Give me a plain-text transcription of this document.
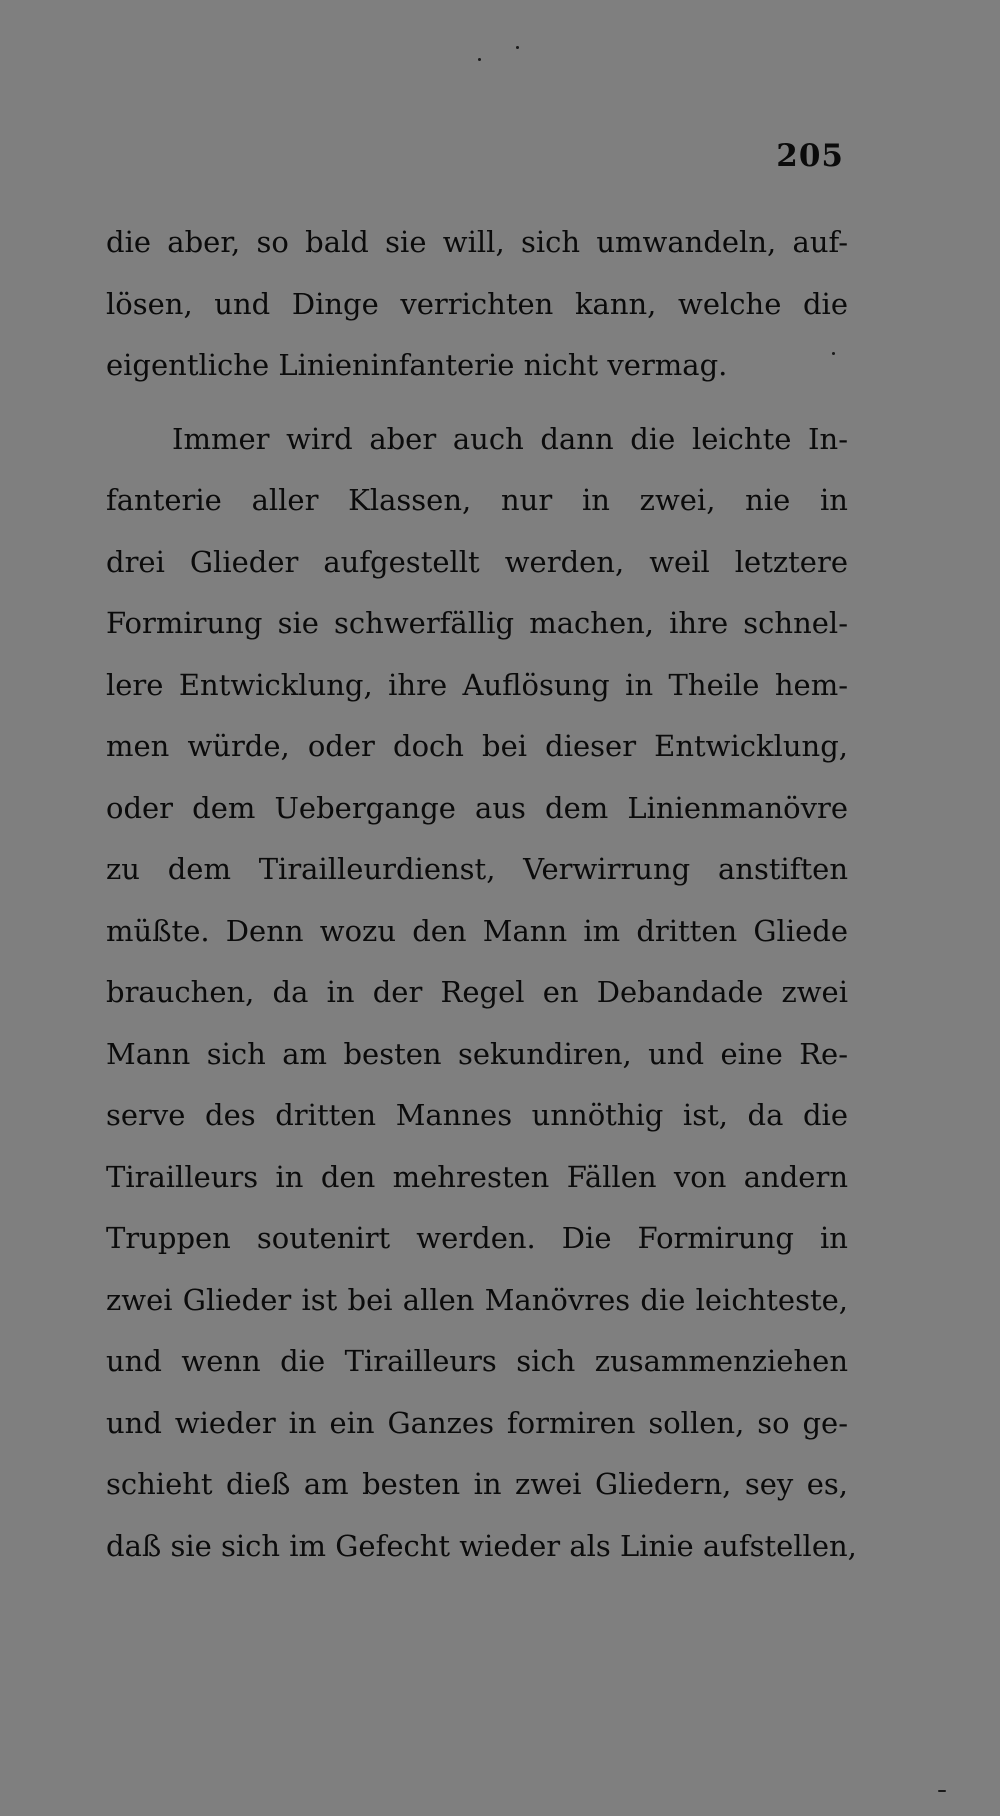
205
die aber, so bald sie will, sich umwandeln, auf-
lösen, und Dinge verrichten kann, welche die
eigentliche Linieninfanterie nicht vermag.
Immer wird aber auch dann die leichte In-
fanterie aller Klassen, nur in zwei, nie in
drei Glieder aufgestellt werden, weil letztere
Formirung sie schwerfällig machen, ihre schnel-
lere Entwicklung, ihre Auflösung in Theile hem-
men würde, oder doch bei dieser Entwicklung,
oder dem Uebergange aus dem Linienmanövre
zu dem Tirailleurdienst, Verwirrung anstiften
müßte. Denn wozu den Mann im dritten Gliede
brauchen, da in der Regel en Debandade zwei
Mann sich am besten sekundiren, und eine Re-
serve des dritten Mannes unnöthig ist, da die
Tirailleurs in den mehresten Fällen von andern
Truppen soutenirt werden. Die Formirung in
zwei Glieder ist bei allen Manövres die leichteste,
und wenn die Tirailleurs sich zusammenziehen
und wieder in ein Ganzes formiren sollen, so ge-
schieht dieß am besten in zwei Gliedern, sey es,
daß sie sich im Gefecht wieder als Linie aufstellen,
